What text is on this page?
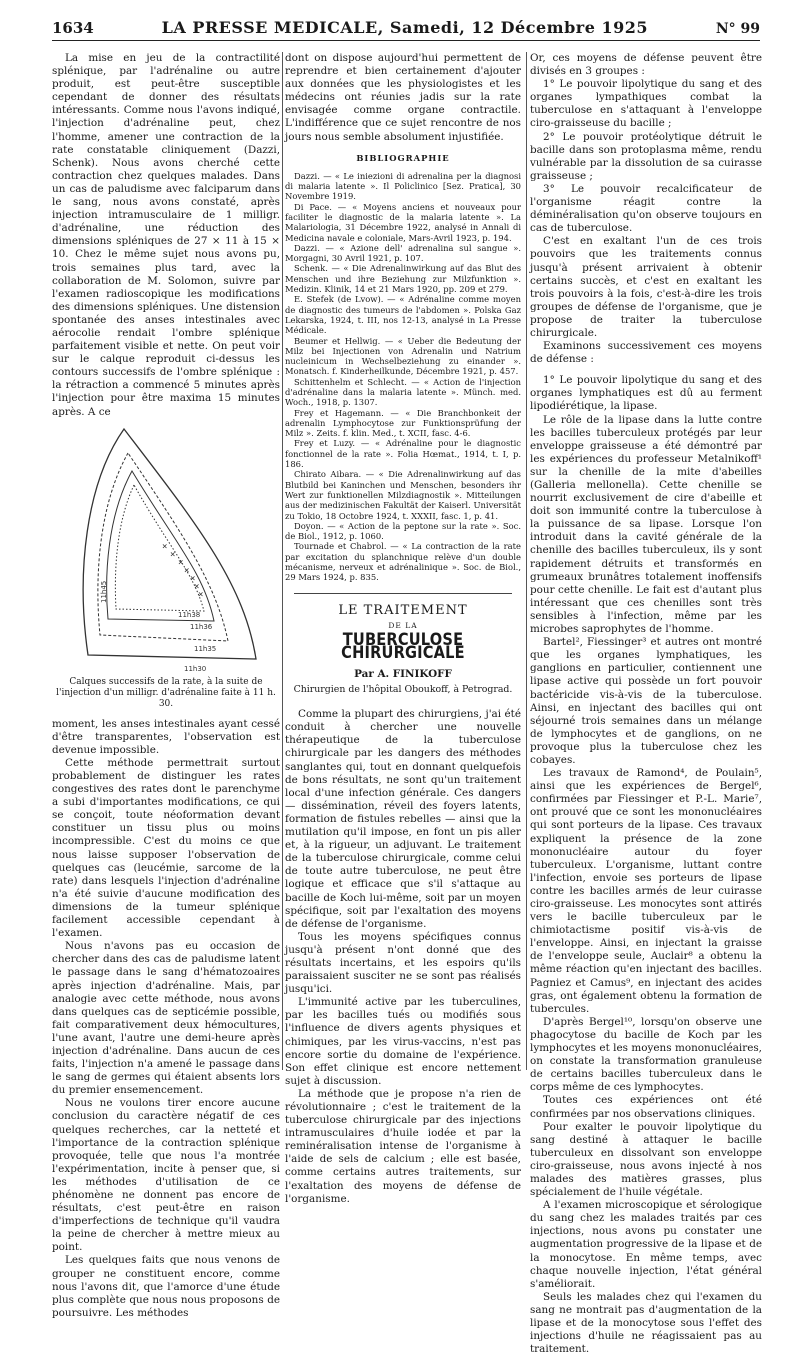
1634	LA PRESSE MEDICALE, Samedi, 12 Décembre 1925	N° 99

La mise en jeu de la contractilité splénique, par l'adrénaline ou autre produit, est peut-être susceptible cependant de donner des résultats intéressants. Comme nous l'avons indiqué, l'injection d'adrénaline peut, chez l'homme, amener une contraction de la rate constatable cliniquement (Dazzi, Schenk). Nous avons cherché cette contraction chez quelques malades. Dans un cas de paludisme avec falciparum dans le sang, nous avons constaté, après injection intramusculaire de 1 milligr. d'adrénaline, une réduction des dimensions spléniques de 27 × 11 à 15 × 10. Chez le même sujet nous avons pu, trois semaines plus tard, avec la collaboration de M. Solomon, suivre par l'examen radioscopique les modifications des dimensions spléniques. Une distension spontanée des anses intestinales avec aérocolie rendait l'ombre splénique parfaitement visible et nette. On peut voir sur le calque reproduit ci-dessus les contours successifs de l'ombre splénique : la rétraction a commencé 5 minutes après l'injection pour être maxima 15 minutes après. A ce

×
×
×
×
×
×
×
11h30
11h35
11h36
11h38
11h45
Calques successifs de la rate, à la suite de l'injection d'un milligr. d'adrénaline faite à 11 h. 30.

moment, les anses intestinales ayant cessé d'être transparentes, l'observation est devenue impossible.

Cette méthode permettrait surtout probablement de distinguer les rates congestives des rates dont le parenchyme a subi d'importantes modifications, ce qui se conçoit, toute néoformation devant constituer un tissu plus ou moins incompressible. C'est du moins ce que nous laisse supposer l'observation de quelques cas (leucémie, sarcome de la rate) dans lesquels l'injection d'adrénaline n'a été suivie d'aucune modification des dimensions de la tumeur splénique facilement accessible cependant à l'examen.

Nous n'avons pas eu occasion de chercher dans des cas de paludisme latent le passage dans le sang d'hématozoaires après injection d'adrénaline. Mais, par analogie avec cette méthode, nous avons dans quelques cas de septicémie possible, fait comparativement deux hémocultures, l'une avant, l'autre une demi-heure après injection d'adrénaline. Dans aucun de ces faits, l'injection n'a amené le passage dans le sang de germes qui étaient absents lors du premier ensemencement.

Nous ne voulons tirer encore aucune conclusion du caractère négatif de ces quelques recherches, car la netteté et l'importance de la contraction splénique provoquée, telle que nous l'a montrée l'expérimentation, incite à penser que, si les méthodes d'utilisation de ce phénomène ne donnent pas encore de résultats, c'est peut-être en raison d'imperfections de technique qu'il vaudra la peine de chercher à mettre mieux au point.

Les quelques faits que nous venons de grouper ne constituent encore, comme nous l'avons dit, que l'amorce d'une étude plus complète que nous nous proposons de poursuivre. Les méthodes

dont on dispose aujourd'hui permettent de reprendre et bien certainement d'ajouter aux données que les physiologistes et les médecins ont réunies jadis sur la rate envisagée comme organe contractile. L'indifférence que ce sujet rencontre de nos jours nous semble absolument injustifiée.

BIBLIOGRAPHIE

Dazzi. — « Le iniezioni di adrenalina per la diagnosi di malaria latente ». Il Policlinico [Sez. Pratica], 30 Novembre 1919.

Di Pace. — « Moyens anciens et nouveaux pour faciliter le diagnostic de la malaria latente ». La Malariologia, 31 Décembre 1922, analysé in Annali di Medicina navale e coloniale, Mars-Avril 1923, p. 194.

Dazzi. — « Azione dell' adrenalina sul sangue ». Morgagni, 30 Avril 1921, p. 107.

Schenk. — « Die Adrenalinwirkung auf das Blut des Menschen und ihre Beziehung zur Milzfunktion ». Medizin. Klinik, 14 et 21 Mars 1920, pp. 209 et 279.

E. Stefek (de Lvow). — « Adrénaline comme moyen de diagnostic des tumeurs de l'abdomen ». Polska Gaz Lekarska, 1924, t. III, nos 12-13, analysé in La Presse Médicale.

Beumer et Hellwig. — « Ueber die Bedeutung der Milz bei Injectionen von Adrenalin und Natrium nucleinicum in Wechselbeziehung zu einander ». Monatsch. f. Kinderheilkunde, Décembre 1921, p. 457.

Schittenhelm et Schlecht. — « Action de l'injection d'adrénaline dans la malaria latente ». Münch. med. Woch., 1918, p. 1307.

Frey et Hagemann. — « Die Branchbonkeit der adrenalin Lymphocytose zur Funktionsprüfung der Milz ». Zeits. f. klin. Med., t. XCII, fasc. 4-6.

Frey et Luzy. — « Adrénaline pour le diagnostic fonctionnel de la rate ». Folia Hœmat., 1914, t. I, p. 186.

Chirato Aibara. — « Die Adrenalinwirkung auf das Blutbild bei Kaninchen und Menschen, besonders ihr Wert zur funktionellen Milzdiagnostik ». Mitteilungen aus der medizinischen Fakultät der Kaiserl. Universität zu Tokio, 18 Octobre 1924, t. XXXII, fasc. 1, p. 41.

Doyon. — « Action de la peptone sur la rate ». Soc. de Biol., 1912, p. 1060.

Tournade et Chabrol. — « La contraction de la rate par excitation du splanchnique relève d'un double mécanisme, nerveux et adrénalinique ». Soc. de Biol., 29 Mars 1924, p. 835.

LE TRAITEMENT
DE LA
TUBERCULOSE CHIRURGICALE
Par A. FINIKOFF
Chirurgien de l'hôpital Oboukoff, à Petrograd.

Comme la plupart des chirurgiens, j'ai été conduit à chercher une nouvelle thérapeutique de la tuberculose chirurgicale par les dangers des méthodes sanglantes qui, tout en donnant quelquefois de bons résultats, ne sont qu'un traitement local d'une infection générale. Ces dangers — dissémination, réveil des foyers latents, formation de fistules rebelles — ainsi que la mutilation qu'il impose, en font un pis aller et, à la rigueur, un adjuvant. Le traitement de la tuberculose chirurgicale, comme celui de toute autre tuberculose, ne peut être logique et efficace que s'il s'attaque au bacille de Koch lui-même, soit par un moyen spécifique, soit par l'exaltation des moyens de défense de l'organisme.

Tous les moyens spécifiques connus jusqu'à présent n'ont donné que des résultats incertains, et les espoirs qu'ils paraissaient susciter ne se sont pas réalisés jusqu'ici.

L'immunité active par les tuberculines, par les bacilles tués ou modifiés sous l'influence de divers agents physiques et chimiques, par les virus-vaccins, n'est pas encore sortie du domaine de l'expérience. Son effet clinique est encore nettement sujet à discussion.

La méthode que je propose n'a rien de révolutionnaire ; c'est le traitement de la tuberculose chirurgicale par des injections intramusculaires d'huile iodée et par la reminéralisation intense de l'organisme à l'aide de sels de calcium ; elle est basée, comme certains autres traitements, sur l'exaltation des moyens de défense de l'organisme.

Or, ces moyens de défense peuvent être divisés en 3 groupes :

1° Le pouvoir lipolytique du sang et des organes lympathiques combat la tuberculose en s'attaquant à l'enveloppe ciro-graisseuse du bacille ;

2° Le pouvoir protéolytique détruit le bacille dans son protoplasma même, rendu vulnérable par la dissolution de sa cuirasse graisseuse ;

3° Le pouvoir recalcificateur de l'organisme réagit contre la déminéralisation qu'on observe toujours en cas de tuberculose.

C'est en exaltant l'un de ces trois pouvoirs que les traitements connus jusqu'à présent arrivaient à obtenir certains succès, et c'est en exaltant les trois pouvoirs à la fois, c'est-à-dire les trois groupes de défense de l'organisme, que je propose de traiter la tuberculose chirurgicale.

Examinons successivement ces moyens de défense :

1° Le pouvoir lipolytique du sang et des organes lymphatiques est dû au ferment lipodiérétique, la lipase.

Le rôle de la lipase dans la lutte contre les bacilles tuberculeux protégés par leur enveloppe graisseuse a été démontré par les expériences du professeur Metalnikoff¹ sur la chenille de la mite d'abeilles (Galleria mellonella). Cette chenille se nourrit exclusivement de cire d'abeille et doit son immunité contre la tuberculose à la puissance de sa lipase. Lorsque l'on introduit dans la cavité générale de la chenille des bacilles tuberculeux, ils y sont rapidement détruits et transformés en grumeaux brunâtres totalement inoffensifs pour cette chenille. Le fait est d'autant plus intéressant que ces chenilles sont très sensibles à l'infection, même par les microbes saprophytes de l'homme.

Bartel², Fiessinger³ et autres ont montré que les organes lymphatiques, les ganglions en particulier, contiennent une lipase active qui possède un fort pouvoir bactéricide vis-à-vis de la tuberculose. Ainsi, en injectant des bacilles qui ont séjourné trois semaines dans un mélange de lymphocytes et de ganglions, on ne provoque plus la tuberculose chez les cobayes.

Les travaux de Ramond⁴, de Poulain⁵, ainsi que les expériences de Bergel⁶, confirmées par Fiessinger et P.-L. Marie⁷, ont prouvé que ce sont les mononucléaires qui sont porteurs de la lipase. Ces travaux expliquent la présence de la zone mononucléaire autour du foyer tuberculeux. L'organisme, luttant contre l'infection, envoie ses porteurs de lipase contre les bacilles armés de leur cuirasse ciro-graisseuse. Les monocytes sont attirés vers le bacille tuberculeux par le chimiotactisme positif vis-à-vis de l'enveloppe. Ainsi, en injectant la graisse de l'enveloppe seule, Auclair⁸ a obtenu la même réaction qu'en injectant des bacilles. Pagniez et Camus⁹, en injectant des acides gras, ont également obtenu la formation de tubercules.

D'après Bergel¹⁰, lorsqu'on observe une phagocytose du bacille de Koch par les lymphocytes et les moyens mononucléaires, on constate la transformation granuleuse de certains bacilles tuberculeux dans le corps même de ces lymphocytes.

Toutes ces expériences ont été confirmées par nos observations cliniques.

Pour exalter le pouvoir lipolytique du sang destiné à attaquer le bacille tuberculeux en dissolvant son enveloppe ciro-graisseuse, nous avons injecté à nos malades des matières grasses, plus spécialement de l'huile végétale.

A l'examen microscopique et sérologique du sang chez les malades traités par ces injections, nous avons pu constater une augmentation progressive de la lipase et de la monocytose. En même temps, avec chaque nouvelle injection, l'état général s'améliorait.

Seuls les malades chez qui l'examen du sang ne montrait pas d'augmentation de la lipase et de la monocytose sous l'effet des injections d'huile ne réagissaient pas au traitement.
